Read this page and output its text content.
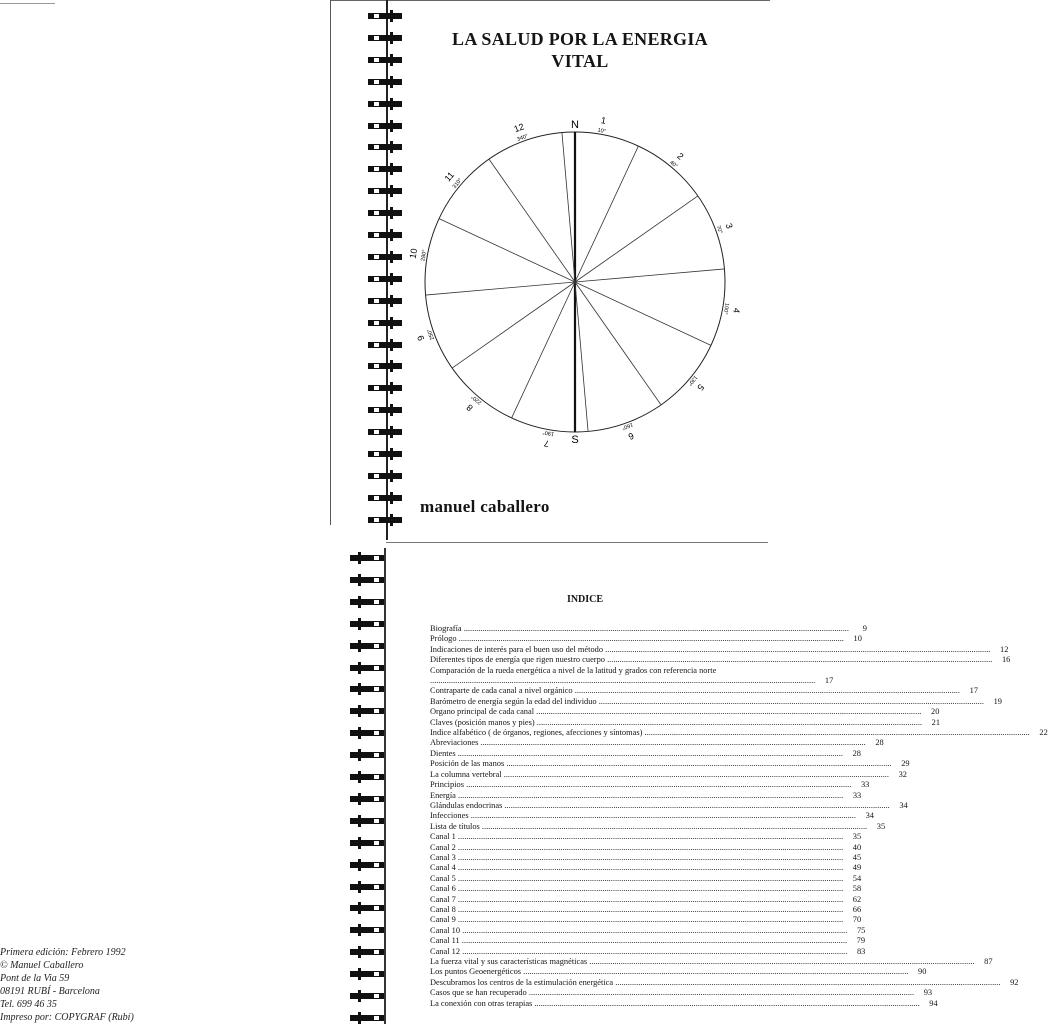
LA SALUD POR LA ENERGIA
VITAL
N
S
1
10°
2
40°
3
70°
4
100°
5
130°
6
160°
7
190°
8
220°
9 250°
10 280°
11
310°
12
340°
manuel caballero
INDICE
Biografía .....	9
Prólogo .....	10
Indicaciones de interés para el buen uso del método .....	12
Diferentes tipos de energía que rigen nuestro cuerpo .....	16
Comparación de la rueda energética a nivel de la latitud y grados con referencia norte .....
17
Contraparte de cada canal a nivel orgánico .....	17
Barómetro de energía según la edad del individuo .....	19
Organo principal de cada canal .....	20
Claves (posición manos y pies) .....	21
Indice alfabético ( de órganos, regiones, afecciones y síntomas) .....	22
Abreviaciones .....	28
Dientes .....	28
Posición de las manos .....	29
La columna vertebral .....	32
Principios .....	33
Energía .....	33
Glándulas endocrinas .....	34
Infecciones .....	34
Lista de títulos .....	35
Canal 1 .....	35
Canal 2 .....	40
Canal 3 .....	45
Canal 4 .....	49
Canal 5 .....	54
Canal 6 .....	58
Canal 7 .....	62
Canal 8 .....	66
Canal 9 .....	70
Canal 10 .....	75
Canal 11 .....	79
Canal 12 .....	83
La fuerza vital y sus características magnéticas .....	87
Los puntos Geoenergéticos .....	90
Descubramos los centros de la estimulación energética .....	92
Casos que se han recuperado .....	93
La conexión con otras terapias .....	94
Primera edición: Febrero 1992
© Manuel Caballero
Pont de la Via 59
08191 RUBÍ - Barcelona
Tel. 699 46 35
Impreso por: COPYGRAF (Rubí)
